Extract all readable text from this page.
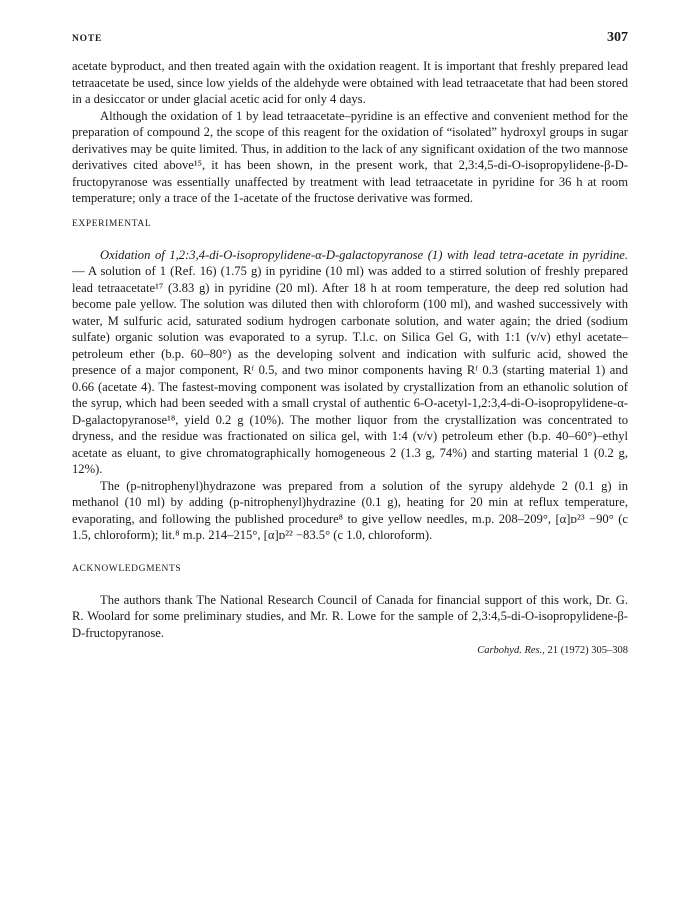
NOTE	307

acetate byproduct, and then treated again with the oxidation reagent. It is important that freshly prepared lead tetraacetate be used, since low yields of the aldehyde were obtained with lead tetraacetate that had been stored in a desiccator or under glacial acetic acid for only 4 days.

Although the oxidation of 1 by lead tetraacetate–pyridine is an effective and convenient method for the preparation of compound 2, the scope of this reagent for the oxidation of “isolated” hydroxyl groups in sugar derivatives may be quite limited. Thus, in addition to the lack of any significant oxidation of the two mannose derivatives cited above¹⁵, it has been shown, in the present work, that 2,3:4,5-di-O-isopropylidene-β-D-fructopyranose was essentially unaffected by treatment with lead tetraacetate in pyridine for 36 h at room temperature; only a trace of the 1-acetate of the fructose derivative was formed.

EXPERIMENTAL

Oxidation of 1,2:3,4-di-O-isopropylidene-α-D-galactopyranose (1) with lead tetra-acetate in pyridine. — A solution of 1 (Ref. 16) (1.75 g) in pyridine (10 ml) was added to a stirred solution of freshly prepared lead tetraacetate¹⁷ (3.83 g) in pyridine (20 ml). After 18 h at room temperature, the deep red solution had become pale yellow. The solution was diluted then with chloroform (100 ml), and washed successively with water, M sulfuric acid, saturated sodium hydrogen carbonate solution, and water again; the dried (sodium sulfate) organic solution was evaporated to a syrup. T.l.c. on Silica Gel G, with 1:1 (v/v) ethyl acetate–petroleum ether (b.p. 60–80°) as the developing solvent and indication with sulfuric acid, showed the presence of a major component, Rᶠ 0.5, and two minor components having Rᶠ 0.3 (starting material 1) and 0.66 (acetate 4). The fastest-moving component was isolated by crystallization from an ethanolic solution of the syrup, which had been seeded with a small crystal of authentic 6-O-acetyl-1,2:3,4-di-O-isopropylidene-α-D-galactopyranose¹⁸, yield 0.2 g (10%). The mother liquor from the crystallization was concentrated to dryness, and the residue was fractionated on silica gel, with 1:4 (v/v) petroleum ether (b.p. 40–60°)–ethyl acetate as eluant, to give chromatographically homogeneous 2 (1.3 g, 74%) and starting material 1 (0.2 g, 12%).

The (p-nitrophenyl)hydrazone was prepared from a solution of the syrupy aldehyde 2 (0.1 g) in methanol (10 ml) by adding (p-nitrophenyl)hydrazine (0.1 g), heating for 20 min at reflux temperature, evaporating, and following the published procedure⁸ to give yellow needles, m.p. 208–209°, [α]ᴅ²³ −90° (c 1.5, chloroform); lit.⁸ m.p. 214–215°, [α]ᴅ²² −83.5° (c 1.0, chloroform).

ACKNOWLEDGMENTS

The authors thank The National Research Council of Canada for financial support of this work, Dr. G. R. Woolard for some preliminary studies, and Mr. R. Lowe for the sample of 2,3:4,5-di-O-isopropylidene-β-D-fructopyranose.

Carbohyd. Res., 21 (1972) 305–308
